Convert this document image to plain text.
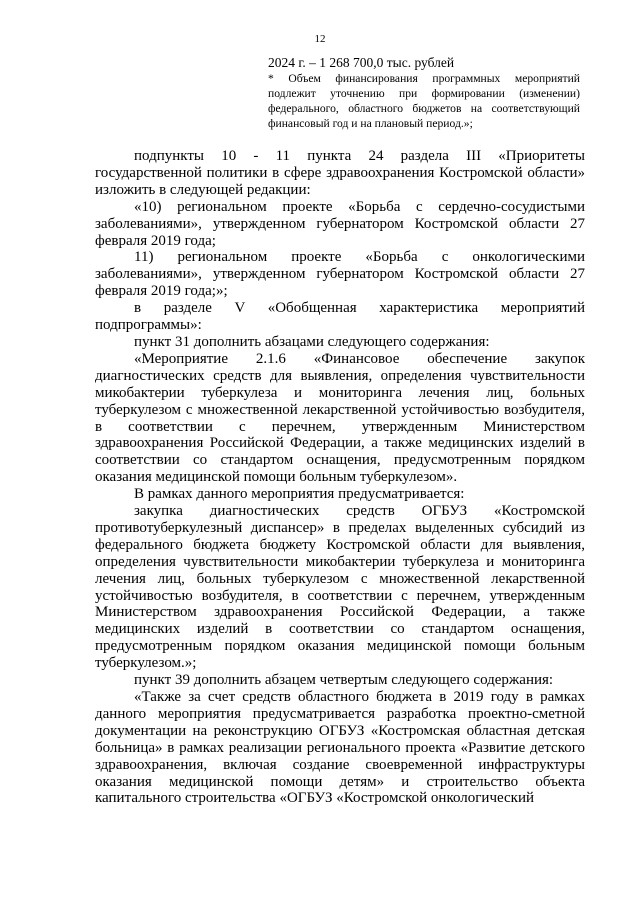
12

2024 г. – 1 268 700,0 тыс. рублей

* Объем финансирования программных мероприятий подлежит уточнению при формировании (изменении) федерального, областного бюджетов на соответствующий финансовый год и на плановый период.»;

подпункты 10 - 11 пункта 24 раздела III «Приоритеты государственной политики в сфере здравоохранения Костромской области» изложить в следующей редакции:

«10) региональном проекте «Борьба с сердечно-сосудистыми заболеваниями», утвержденном губернатором Костромской области 27 февраля 2019 года;

11) региональном проекте «Борьба с онкологическими заболеваниями», утвержденном губернатором Костромской области 27 февраля 2019 года;»;

в разделе V «Обобщенная характеристика мероприятий подпрограммы»:

пункт 31 дополнить абзацами следующего содержания:

«Мероприятие 2.1.6 «Финансовое обеспечение закупок диагностических средств для выявления, определения чувствительности микобактерии туберкулеза и мониторинга лечения лиц, больных туберкулезом с множественной лекарственной устойчивостью возбудителя, в соответствии с перечнем, утвержденным Министерством здравоохранения Российской Федерации, а также медицинских изделий в соответствии со стандартом оснащения, предусмотренным порядком оказания медицинской помощи больным туберкулезом».

В рамках данного мероприятия предусматривается:

закупка диагностических средств ОГБУЗ «Костромской противотуберкулезный диспансер» в пределах выделенных субсидий из федерального бюджета бюджету Костромской области для выявления, определения чувствительности микобактерии туберкулеза и мониторинга лечения лиц, больных туберкулезом с множественной лекарственной устойчивостью возбудителя, в соответствии с перечнем, утвержденным Министерством здравоохранения Российской Федерации, а также медицинских изделий в соответствии со стандартом оснащения, предусмотренным порядком оказания медицинской помощи больным туберкулезом.»;

пункт 39 дополнить абзацем четвертым следующего содержания:

«Также за счет средств областного бюджета в 2019 году в рамках данного мероприятия предусматривается разработка проектно-сметной документации на реконструкцию ОГБУЗ «Костромская областная детская больница» в рамках реализации регионального проекта «Развитие детского здравоохранения, включая создание своевременной инфраструктуры оказания медицинской помощи детям» и строительство объекта капитального строительства «ОГБУЗ «Костромской онкологический
